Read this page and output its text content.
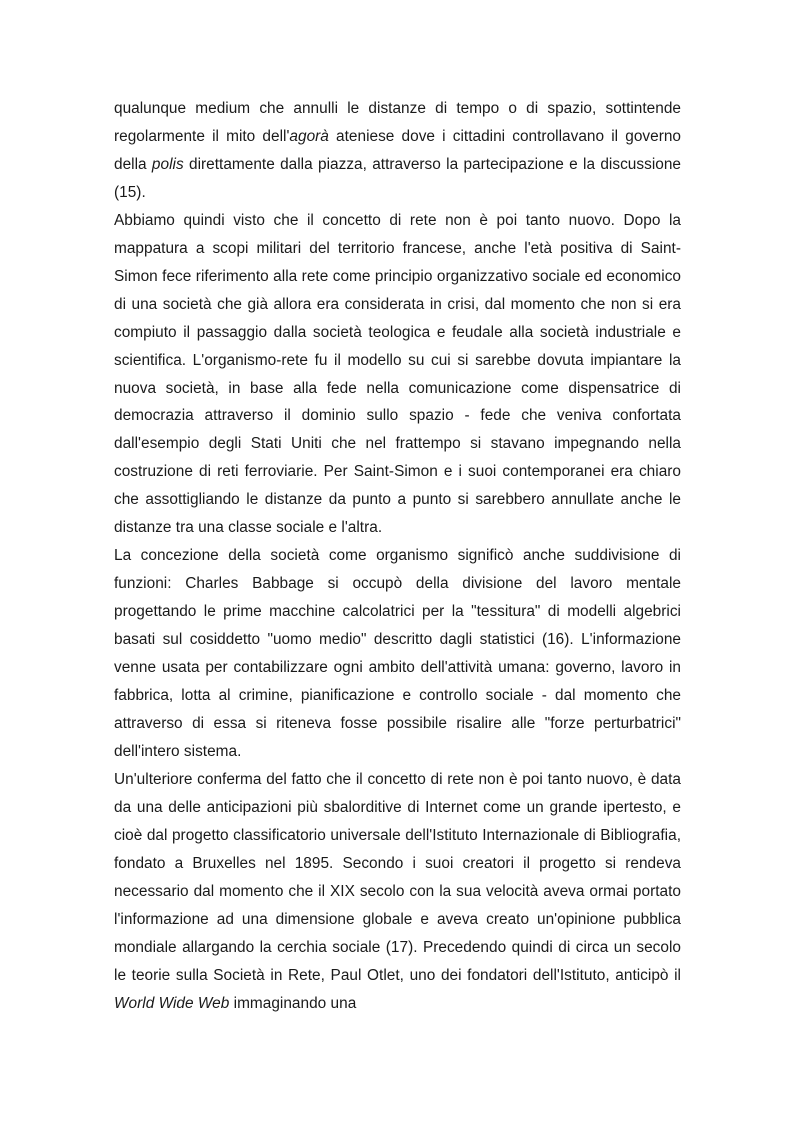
qualunque medium che annulli le distanze di tempo o di spazio, sottintende regolarmente il mito dell'agorà ateniese dove i cittadini controllavano il governo della polis direttamente dalla piazza, attraverso la partecipazione e la discussione (15).

Abbiamo quindi visto che il concetto di rete non è poi tanto nuovo. Dopo la mappatura a scopi militari del territorio francese, anche l'età positiva di Saint-Simon fece riferimento alla rete come principio organizzativo sociale ed economico di una società che già allora era considerata in crisi, dal momento che non si era compiuto il passaggio dalla società teologica e feudale alla società industriale e scientifica. L'organismo-rete fu il modello su cui si sarebbe dovuta impiantare la nuova società, in base alla fede nella comunicazione come dispensatrice di democrazia attraverso il dominio sullo spazio - fede che veniva confortata dall'esempio degli Stati Uniti che nel frattempo si stavano impegnando nella costruzione di reti ferroviarie. Per Saint-Simon e i suoi contemporanei era chiaro che assottigliando le distanze da punto a punto si sarebbero annullate anche le distanze tra una classe sociale e l'altra.

La concezione della società come organismo significò anche suddivisione di funzioni: Charles Babbage si occupò della divisione del lavoro mentale progettando le prime macchine calcolatrici per la "tessitura" di modelli algebrici basati sul cosiddetto "uomo medio" descritto dagli statistici (16). L'informazione venne usata per contabilizzare ogni ambito dell'attività umana: governo, lavoro in fabbrica, lotta al crimine, pianificazione e controllo sociale - dal momento che attraverso di essa si riteneva fosse possibile risalire alle "forze perturbatrici" dell'intero sistema.

Un'ulteriore conferma del fatto che il concetto di rete non è poi tanto nuovo, è data da una delle anticipazioni più sbalorditive di Internet come un grande ipertesto, e cioè dal progetto classificatorio universale dell'Istituto Internazionale di Bibliografia, fondato a Bruxelles nel 1895. Secondo i suoi creatori il progetto si rendeva necessario dal momento che il XIX secolo con la sua velocità aveva ormai portato l'informazione ad una dimensione globale e aveva creato un'opinione pubblica mondiale allargando la cerchia sociale (17). Precedendo quindi di circa un secolo le teorie sulla Società in Rete, Paul Otlet, uno dei fondatori dell'Istituto, anticipò il World Wide Web immaginando una
